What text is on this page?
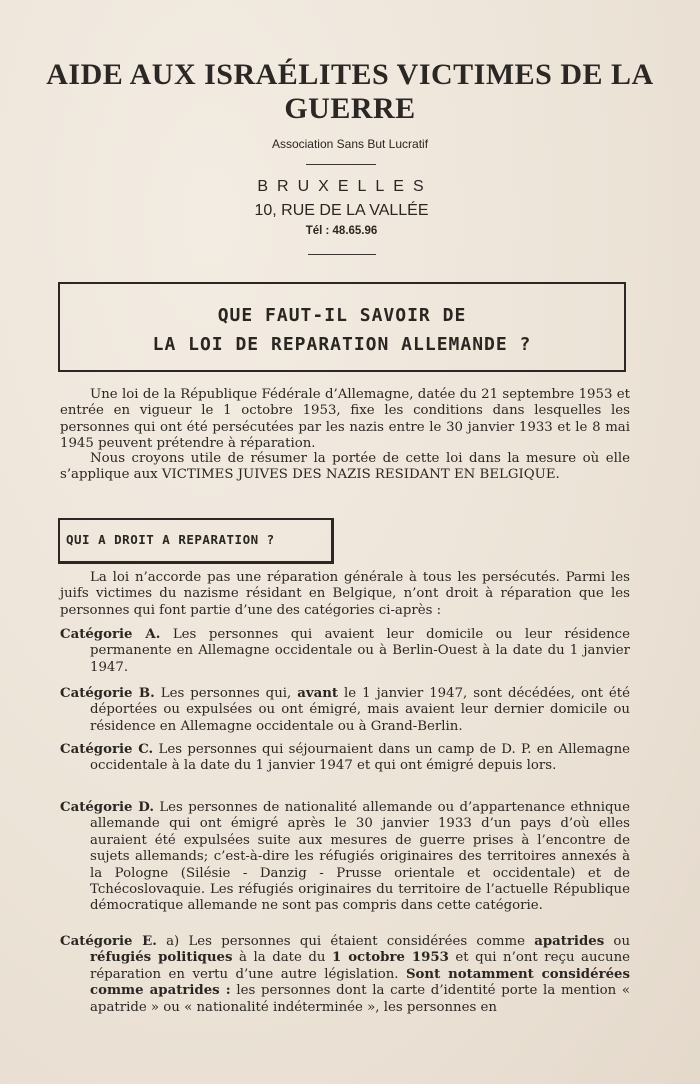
AIDE AUX ISRAÉLITES VICTIMES DE LA GUERRE
Association Sans But Lucratif
BRUXELLES
10, RUE DE LA VALLÉE
Tél : 48.65.96
QUE FAUT-IL SAVOIR DE
LA LOI DE REPARATION ALLEMANDE ?
Une loi de la République Fédérale d’Allemagne, datée du 21 septembre 1953 et entrée en vigueur le 1 octobre 1953, fixe les conditions dans lesquelles les personnes qui ont été persécutées par les nazis entre le 30 janvier 1933 et le 8 mai 1945 peuvent prétendre à réparation.
Nous croyons utile de résumer la portée de cette loi dans la mesure où elle s’applique aux VICTIMES JUIVES DES NAZIS RESIDANT EN BELGIQUE.
QUI A DROIT A REPARATION ?
La loi n’accorde pas une réparation générale à tous les persécutés. Parmi les juifs victimes du nazisme résidant en Belgique, n’ont droit à réparation que les personnes qui font partie d’une des catégories ci-après :
Catégorie A. Les personnes qui avaient leur domicile ou leur résidence permanente en Allemagne occidentale ou à Berlin-Ouest à la date du 1 janvier 1947.
Catégorie B. Les personnes qui, avant le 1 janvier 1947, sont décédées, ont été déportées ou expulsées ou ont émigré, mais avaient leur dernier domicile ou résidence en Allemagne occidentale ou à Grand-Berlin.
Catégorie C. Les personnes qui séjournaient dans un camp de D. P. en Allemagne occidentale à la date du 1 janvier 1947 et qui ont émigré depuis lors.
Catégorie D. Les personnes de nationalité allemande ou d’appartenance ethnique allemande qui ont émigré après le 30 janvier 1933 d’un pays d’où elles auraient été expulsées suite aux mesures de guerre prises à l’encontre de sujets allemands; c’est-à-dire les réfugiés originaires des territoires annexés à la Pologne (Silésie - Danzig - Prusse orientale et occidentale) et de Tchécoslovaquie. Les réfugiés originaires du territoire de l’actuelle République démocratique allemande ne sont pas compris dans cette catégorie.
Catégorie E. a) Les personnes qui étaient considérées comme apatrides ou réfugiés politiques à la date du 1 octobre 1953 et qui n’ont reçu aucune réparation en vertu d’une autre législation. Sont notamment considérées comme apatrides : les personnes dont la carte d’identité porte la mention « apatride » ou « nationalité indéterminée », les personnes en
